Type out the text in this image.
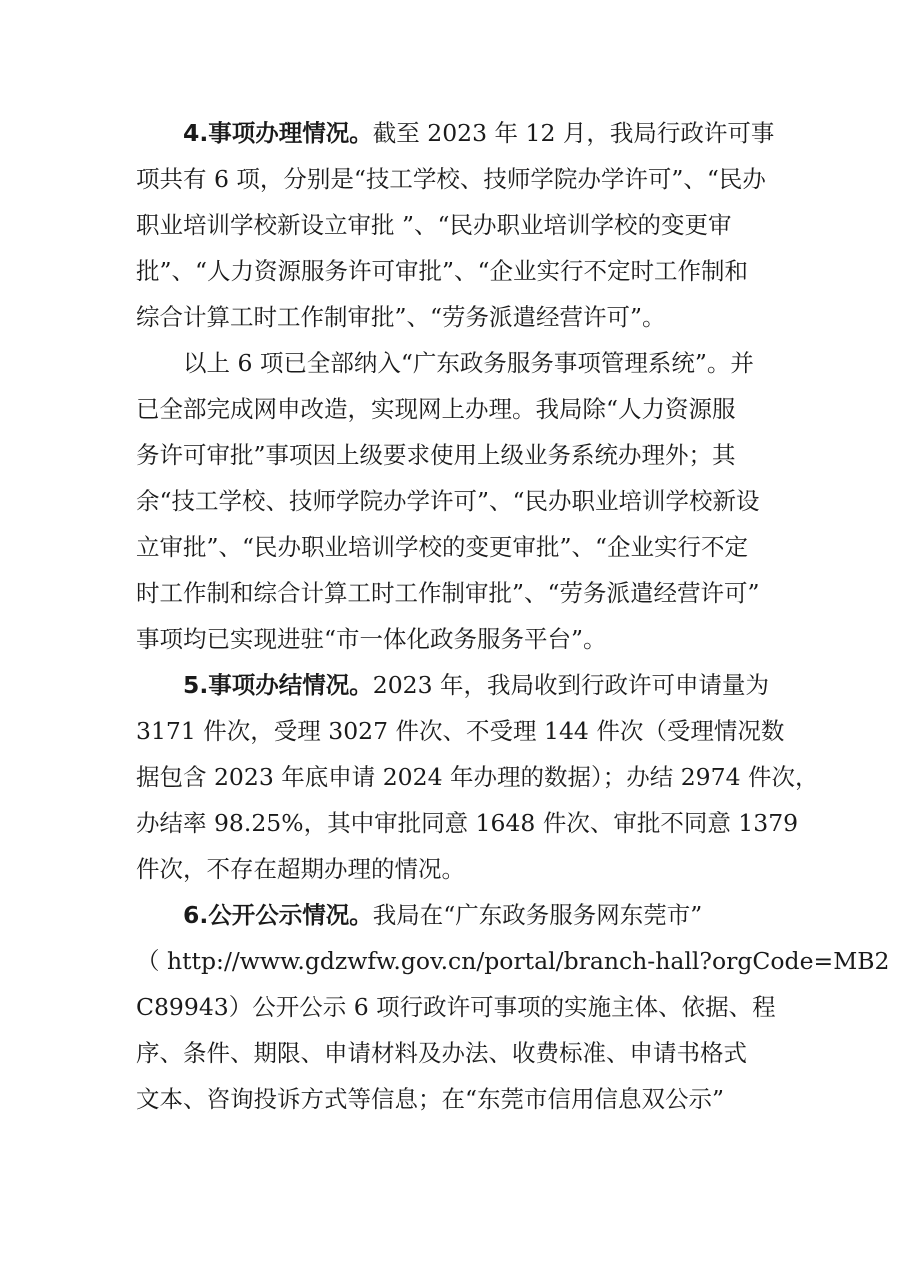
4.事项办理情况。截至 2023 年 12 月，我局行政许可事
项共有 6 项，分别是“技工学校、技师学院办学许可”、“民办
职业培训学校新设立审批 ”、“民办职业培训学校的变更审
批”、“人力资源服务许可审批”、“企业实行不定时工作制和
综合计算工时工作制审批”、“劳务派遣经营许可”。
以上 6 项已全部纳入“广东政务服务事项管理系统”。并
已全部完成网申改造，实现网上办理。我局除“人力资源服
务许可审批”事项因上级要求使用上级业务系统办理外；其
余“技工学校、技师学院办学许可”、“民办职业培训学校新设
立审批”、“民办职业培训学校的变更审批”、“企业实行不定
时工作制和综合计算工时工作制审批”、“劳务派遣经营许可”
事项均已实现进驻“市一体化政务服务平台”。
5.事项办结情况。2023 年，我局收到行政许可申请量为
3171 件次，受理 3027 件次、不受理 144 件次（受理情况数
据包含 2023 年底申请 2024 年办理的数据）；办结 2974 件次，
办结率 98.25%，其中审批同意 1648 件次、审批不同意 1379
件次，不存在超期办理的情况。
6.公开公示情况。我局在“广东政务服务网东莞市”
（ http://www.gdzwfw.gov.cn/portal/branch-hall?orgCode=MB2
C89943）公开公示 6 项行政许可事项的实施主体、依据、程
序、条件、期限、申请材料及办法、收费标准、申请书格式
文本、咨询投诉方式等信息；在“东莞市信用信息双公示”
